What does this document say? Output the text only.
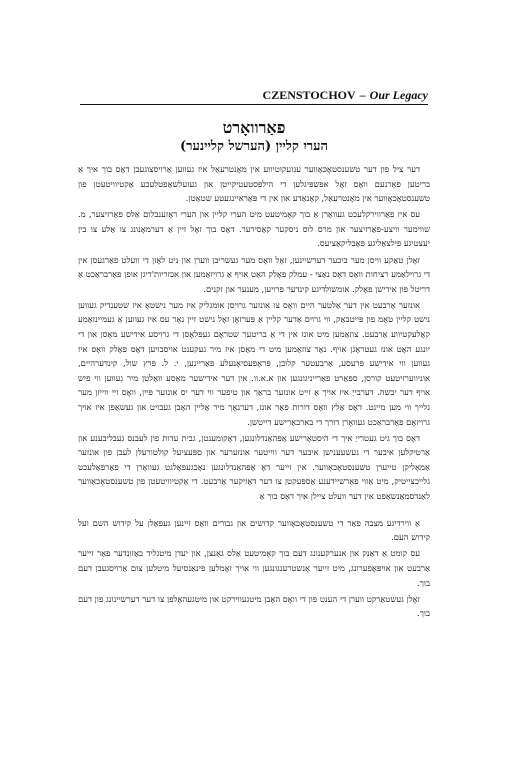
CZENSTOCHOV – Our Legacy
פאַרוואָרט
העריִ קליין (הערשל קליינער)

דער ציל פון דער טשענסטאָכאָווער עגזעקוטיווע אין מאָנטרעאַל איז געווען אַרויסצוגעבן דאָס בוך איך אַ בריטען פאַרנעם וואָס זאָל אפּשפּיגלען די הילפּסטעטיקייטן און געזעלשאַפטלעכע אַקטיוויטעטן פון טשענסטאָכאָווער אין מאָנטרעאַל, קאַנאַדע און אין די פּאַראיינגעטע שטאַטן.

עס איז פאַרווירקלעכט געוואָרן אַ בוך קאָמיטעט מיט העריִ קליין און הערי ראַזענבלום אַלס פאַרזיצער, מ. שווימער וויצע-פאַרזיצער און מרס לוס ניסקער קאַסירער. דאָס בוך זאָל זיין אַ דערמאָנונג צו אַלע צו בין יעצטיגע פילצאַליגע פּאַבליקאַציעס.

זאָלן טאַקע וויסן מער ביכער דערשיינען, זאָל וואָס מער געשריבן ווערן און ניט לאָזן די וועלט פאַרגעסן אין די גרוילאַמע רציחות וואָס דאָס נאַצי - עמלק פאָלק האָט אויף אַ גרויזאַמען און אכזריות'דיגן אופן פאַרבראַכט אַ דריטל פון אידישן פאָלק. אומשולדיגע קינדער פּרויען, מענער און זקנים.

אונזער אַרבעט אין דער אַלטער היים וואָס צו אונזער גרויסן אומגליק איז מער נישטאָ איז שטענדיק געווען נישט קליין טאָמ פון פּייטבאַק, ווי גרויס אַדער קליין אַ פּערזאָן זאָל נישט זיין נאָר עס איז געווען אַ געמיינזאַמע קאָלעקטיווע אַרבעט. צוזאַמען מיט אונז אין די אַ בריטער שטראָם געפּלאָסן די גרויסע אידישע מאַסן און די יונגע האָט אונז געטראָגן אויף. נאָר צוזאַמען מיט די מאַסן איז מיר געקענט אויסבויען דאָס פאָלק וואָס איז געווען וויִ אידישע פּרעסע, אַרבעטער קלובן, פּראָפעסיאָנעלע פאַריינען, י. ל. פּרץ שול, קינדערהיים, אוניווערזיטעט קורסן, ספּאַרט פאַרייניגונגען און א.א.וו. אין דער אידישער מאַסע וואָלטן מיר געווען ווי פיש אויף דער יבשה. דערבייַ איז אויך אַ זייט אונזער בראַך און טיפער ווי דער יס אונזער פּיין, וואָס זיי ווייזן מער גלייך ווי מען מיינט. דאָס אַלץ וואָס דורות פאַר אונז, דערנאָך מיר אַליין האָבן געבויט און געשאַפן איז אויך גרויזאַם פאַרבראַכט געוואָרן דורך די בארבאַרישע דייטשן.

דאָס בוך גיט געטרייַ איך די היסטאָרישע אַפּהאַנדלונגען, דאָקומענטן, גבית עדות פון לעבנס געבליבענע און אַרטיקלען איבער די געשעענישן איבער דער ווייטער אונזערער און ספּעציעל קולטורעלן לעבן פון אונזער אַמאָליקן טייערן טשענסטאָכאָווער. אין זייער דאָ אָפּהאַנדלונגען נאָכגעפאָלגט געוואָרן די פאַרפאַלעכט גלייכצייטיק, מיט אַזוי פאַרשיידענע אַספּעקטן צו דער דאַזיקער אַרבעט. די אַקטיוויטעטן פון טשענסטאָכאָווער לאַנדסמאַנשאַפט אין דער וועלט ציילן איך דאָס בוך אַ

אַ ווירדיגע מצבה פאַר די טשענסטאָכאָווער קדושים און גבורים וואָס זיינען געפאַלן על קידוש השם ועל קידוש העם.

עס קומט אַ דאַנק און אנערקענונג דעם בוך קאָמיטעט אַלס גאַנצן, און יעדן מיטגליד באַזונדער פאַר זייער אַרבעט און אויפּאָפערונג, מיט זייער אָנשטרענגונגען ווי אויך זאָמלען פינאַנסיעל מיטלען צום אַרויסגעבן דעם בוך.

זאָלן געשטאַרקט ווערן די הענט פון די וואָס האָבן מיטגעווירקט און מיטגעהאָלפן צו דער דערשיינונג פון דעם בוך.
